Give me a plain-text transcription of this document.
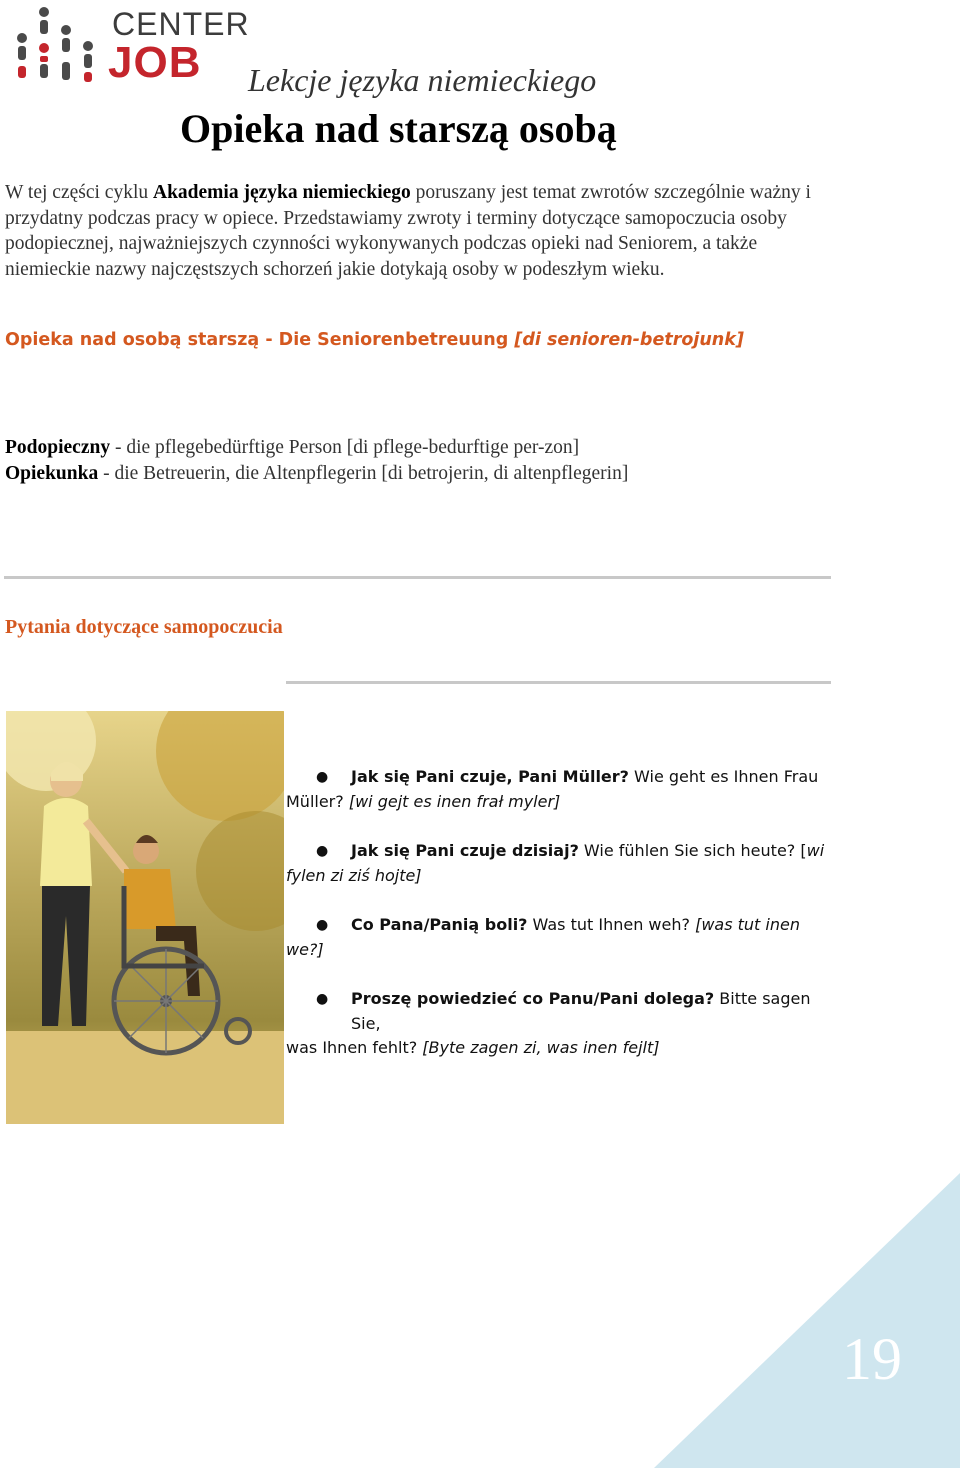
CENTER
JOB Lekcje języka niemieckiego
Opieka nad starszą osobą

W tej części cyklu Akademia języka niemieckiego poruszany jest temat zwrotów szczególnie ważny i przydatny podczas pracy w opiece. Przedstawiamy zwroty i terminy dotyczące samopoczucia osoby podopiecznej, najważniejszych czynności wykonywanych podczas opieki nad Seniorem, a także niemieckie nazwy najczęstszych schorzeń jakie dotykają osoby w podeszłym wieku.

Opieka nad osobą starszą - Die Seniorenbetreuung [di senioren-betrojunk]
Podopieczny - die pflegebedürftige Person [di pflege-bedurftige per-zon]
Opiekunka - die Betreuerin, die Altenpflegerin [di betrojerin, di altenpflegerin]
Pytania dotyczące samopoczucia
●	Jak się Pani czuje, Pani Müller? Wie geht es Ihnen Frau
Müller? [wi gejt es inen frał myler]
●	Jak się Pani czuje dzisiaj? Wie fühlen Sie sich heute? [wi
fylen zi ziś hojte]
●	Co Pana/Panią boli? Was tut Ihnen weh? [was tut inen
we?]
●	Proszę powiedzieć co Panu/Pani dolega? Bitte sagen Sie,
was Ihnen fehlt? [Byte zagen zi, was inen fejlt]
19
